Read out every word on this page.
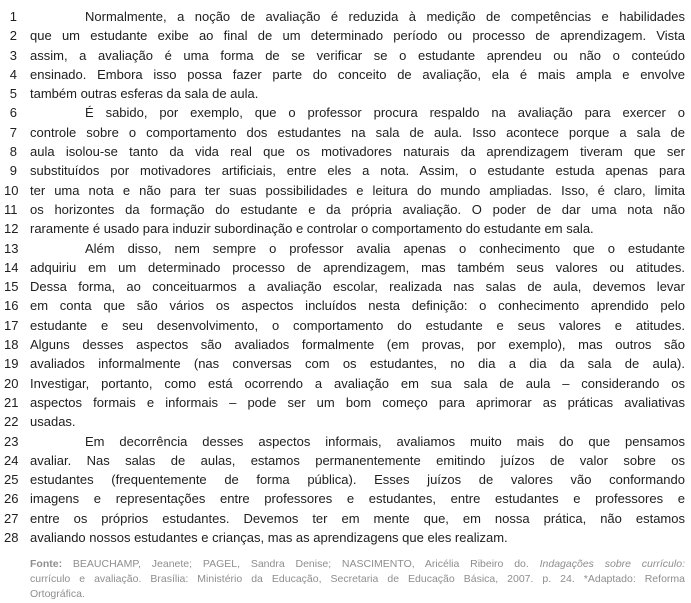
1	Normalmente, a noção de avaliação é reduzida à medição de competências e habilidades
2 que um estudante exibe ao final de um determinado período ou processo de aprendizagem. Vista
3 assim, a avaliação é uma forma de se verificar se o estudante aprendeu ou não o conteúdo
4 ensinado. Embora isso possa fazer parte do conceito de avaliação, ela é mais ampla e envolve
5 também outras esferas da sala de aula.
6	É sabido, por exemplo, que o professor procura respaldo na avaliação para exercer o
7 controle sobre o comportamento dos estudantes na sala de aula. Isso acontece porque a sala de
8 aula isolou-se tanto da vida real que os motivadores naturais da aprendizagem tiveram que ser
9 substituídos por motivadores artificiais, entre eles a nota. Assim, o estudante estuda apenas para
10 ter uma nota e não para ter suas possibilidades e leitura do mundo ampliadas. Isso, é claro, limita
11 os horizontes da formação do estudante e da própria avaliação. O poder de dar uma nota não
12 raramente é usado para induzir subordinação e controlar o comportamento do estudante em sala.
13	Além disso, nem sempre o professor avalia apenas o conhecimento que o estudante
14 adquiriu em um determinado processo de aprendizagem, mas também seus valores ou atitudes.
15 Dessa forma, ao conceituarmos a avaliação escolar, realizada nas salas de aula, devemos levar
16 em conta que são vários os aspectos incluídos nesta definição: o conhecimento aprendido pelo
17 estudante e seu desenvolvimento, o comportamento do estudante e seus valores e atitudes.
18 Alguns desses aspectos são avaliados formalmente (em provas, por exemplo), mas outros são
19 avaliados informalmente (nas conversas com os estudantes, no dia a dia da sala de aula).
20 Investigar, portanto, como está ocorrendo a avaliação em sua sala de aula – considerando os
21 aspectos formais e informais – pode ser um bom começo para aprimorar as práticas avaliativas
22 usadas.
23	Em decorrência desses aspectos informais, avaliamos muito mais do que pensamos
24 avaliar. Nas salas de aulas, estamos permanentemente emitindo juízos de valor sobre os
25 estudantes (frequentemente de forma pública). Esses juízos de valores vão conformando
26 imagens e representações entre professores e estudantes, entre estudantes e professores e
27 entre os próprios estudantes. Devemos ter em mente que, em nossa prática, não estamos
28 avaliando nossos estudantes e crianças, mas as aprendizagens que eles realizam.
Fonte: BEAUCHAMP, Jeanete; PAGEL, Sandra Denise; NASCIMENTO, Aricélia Ribeiro do. Indagações sobre currículo:
currículo e avaliação. Brasília: Ministério da Educação, Secretaria de Educação Básica, 2007. p. 24. *Adaptado: Reforma
Ortográfica.
